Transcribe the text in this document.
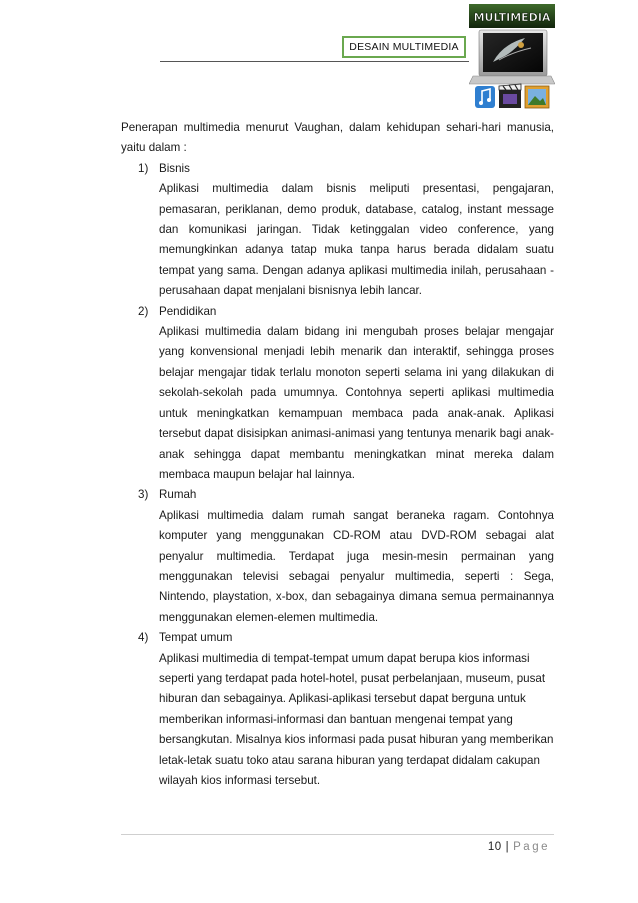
DESAIN MULTIMEDIA
MULTIMEDIA

Penerapan multimedia menurut Vaughan, dalam kehidupan sehari-hari manusia, yaitu dalam :

1) Bisnis

Aplikasi multimedia dalam bisnis meliputi presentasi, pengajaran, pemasaran, periklanan, demo produk, database, catalog, instant message dan komunikasi jaringan. Tidak ketinggalan video conference, yang memungkinkan adanya tatap muka tanpa harus berada didalam suatu tempat yang sama. Dengan adanya aplikasi multimedia inilah, perusahaan - perusahaan dapat menjalani bisnisnya lebih lancar.

2) Pendidikan

Aplikasi multimedia dalam bidang ini mengubah proses belajar mengajar yang konvensional menjadi lebih menarik dan interaktif, sehingga proses belajar mengajar tidak terlalu monoton seperti selama ini yang dilakukan di sekolah-sekolah pada umumnya. Contohnya seperti aplikasi multimedia untuk meningkatkan kemampuan membaca pada anak-anak. Aplikasi tersebut dapat disisipkan animasi-animasi yang tentunya menarik bagi anak-anak sehingga dapat membantu meningkatkan minat mereka dalam membaca maupun belajar hal lainnya.

3) Rumah

Aplikasi multimedia dalam rumah sangat beraneka ragam. Contohnya komputer yang menggunakan CD-ROM atau DVD-ROM sebagai alat penyalur multimedia. Terdapat juga mesin-mesin permainan yang menggunakan televisi sebagai penyalur multimedia, seperti : Sega, Nintendo, playstation, x-box, dan sebagainya dimana semua permainannya menggunakan elemen-elemen multimedia.

4) Tempat umum

Aplikasi multimedia di tempat-tempat umum dapat berupa kios informasi seperti yang terdapat pada hotel-hotel, pusat perbelanjaan, museum, pusat hiburan dan sebagainya. Aplikasi-aplikasi tersebut dapat berguna untuk memberikan informasi-informasi dan bantuan mengenai tempat yang bersangkutan. Misalnya kios informasi pada pusat hiburan yang memberikan letak-letak suatu toko atau sarana hiburan yang terdapat didalam cakupan wilayah kios informasi tersebut.

10 | Page
